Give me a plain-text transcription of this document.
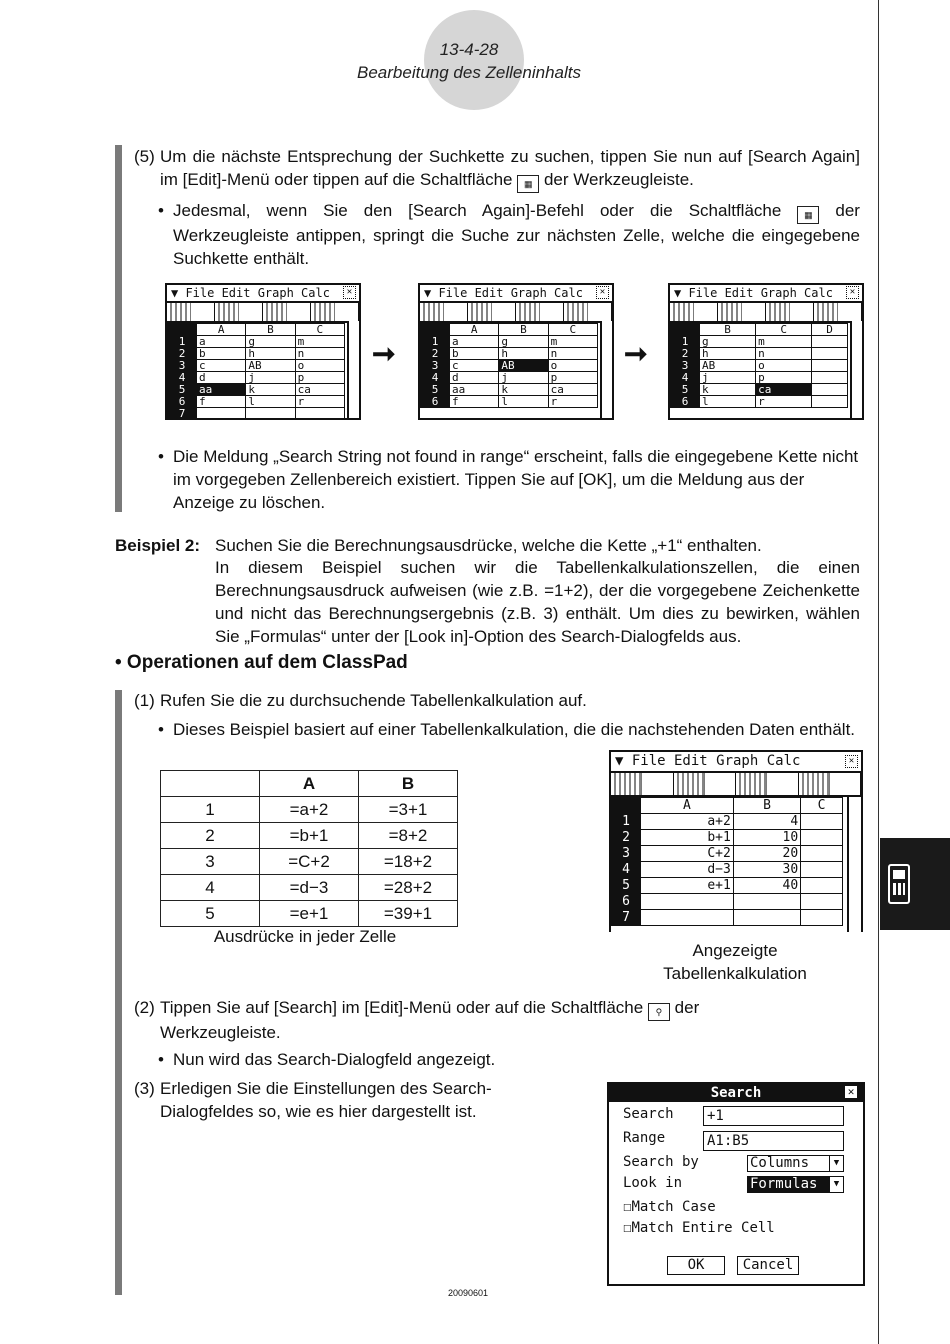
13-4-28
Bearbeitung des Zelleninhalts
(5) Um die nächste Entsprechung der Suchkette zu suchen, tippen Sie nun auf [Search Again] im [Edit]-Menü oder tippen auf die Schaltfläche ▦ der Werkzeugleiste.
• Jedesmal, wenn Sie den [Search Again]-Befehl oder die Schaltfläche	▦ der Werkzeugleiste antippen, springt die Suche zur nächsten Zelle, welche die eingegebene Suchkette enthält.
▼ File Edit Graph Calc	✕
	A	B	C
1	a	g	m
2	b	h	n
3	c	AB	o
4	d	j	p
5	aa	k	ca
6	f	l	r
7			
➞
▼ File Edit Graph Calc	✕
	A	B	C
1	a	g	m
2	b	h	n
3	c	AB	o
4	d	j	p
5	aa	k	ca
6	f	l	r
➞
▼ File Edit Graph Calc	✕
	B	C	D
1	g	m	
2	h	n	
3	AB	o	
4	j	p	
5	k	ca	
6	l	r	
• Die Meldung „Search String not found in range“ erscheint, falls die eingegebene Kette nicht im vorgegeben Zellenbereich existiert. Tippen Sie auf [OK], um die Meldung aus der Anzeige zu löschen.
Beispiel 2: Suchen Sie die Berechnungsausdrücke, welche die Kette „+1“ enthalten.
In diesem Beispiel suchen wir die Tabellenkalkulationszellen, die einen Berechnungsausdruck aufweisen (wie z.B. =1+2), der die vorgegebene Zeichenkette und nicht das Berechnungsergebnis (z.B. 3) enthält. Um dies zu bewirken, wählen Sie „Formulas“ unter der [Look in]-Option des Search-Dialogfelds aus.
• Operationen auf dem ClassPad
(1) Rufen Sie die zu durchsuchende Tabellenkalkulation auf.
• Dieses Beispiel basiert auf einer Tabellenkalkulation, die die nachstehenden Daten enthält.
	A	B
1	=a+2	=3+1
2	=b+1	=8+2
3	=C+2	=18+2
4	=d−3	=28+2
5	=e+1	=39+1
Ausdrücke in jeder Zelle
▼ File Edit Graph Calc	✕
	A	B	C
1	a+2	4	
2	b+1	10	
3	C+2	20	
4	d−3	30	
5	e+1	40	
6			
7			
Angezeigte
Tabellenkalkulation
(2) Tippen Sie auf [Search] im [Edit]-Menü oder auf die Schaltfläche ⚲ der Werkzeugleiste.
• Nun wird das Search-Dialogfeld angezeigt.
(3) Erledigen Sie die Einstellungen des Search-
Dialogfeldes so, wie es hier dargestellt ist.
Search	✕
Search +1
Range	A1:B5
Search by	Columns	▼
Look in	Formulas	▼
☐Match Case
☐Match Entire Cell
OK	Cancel
20090601
